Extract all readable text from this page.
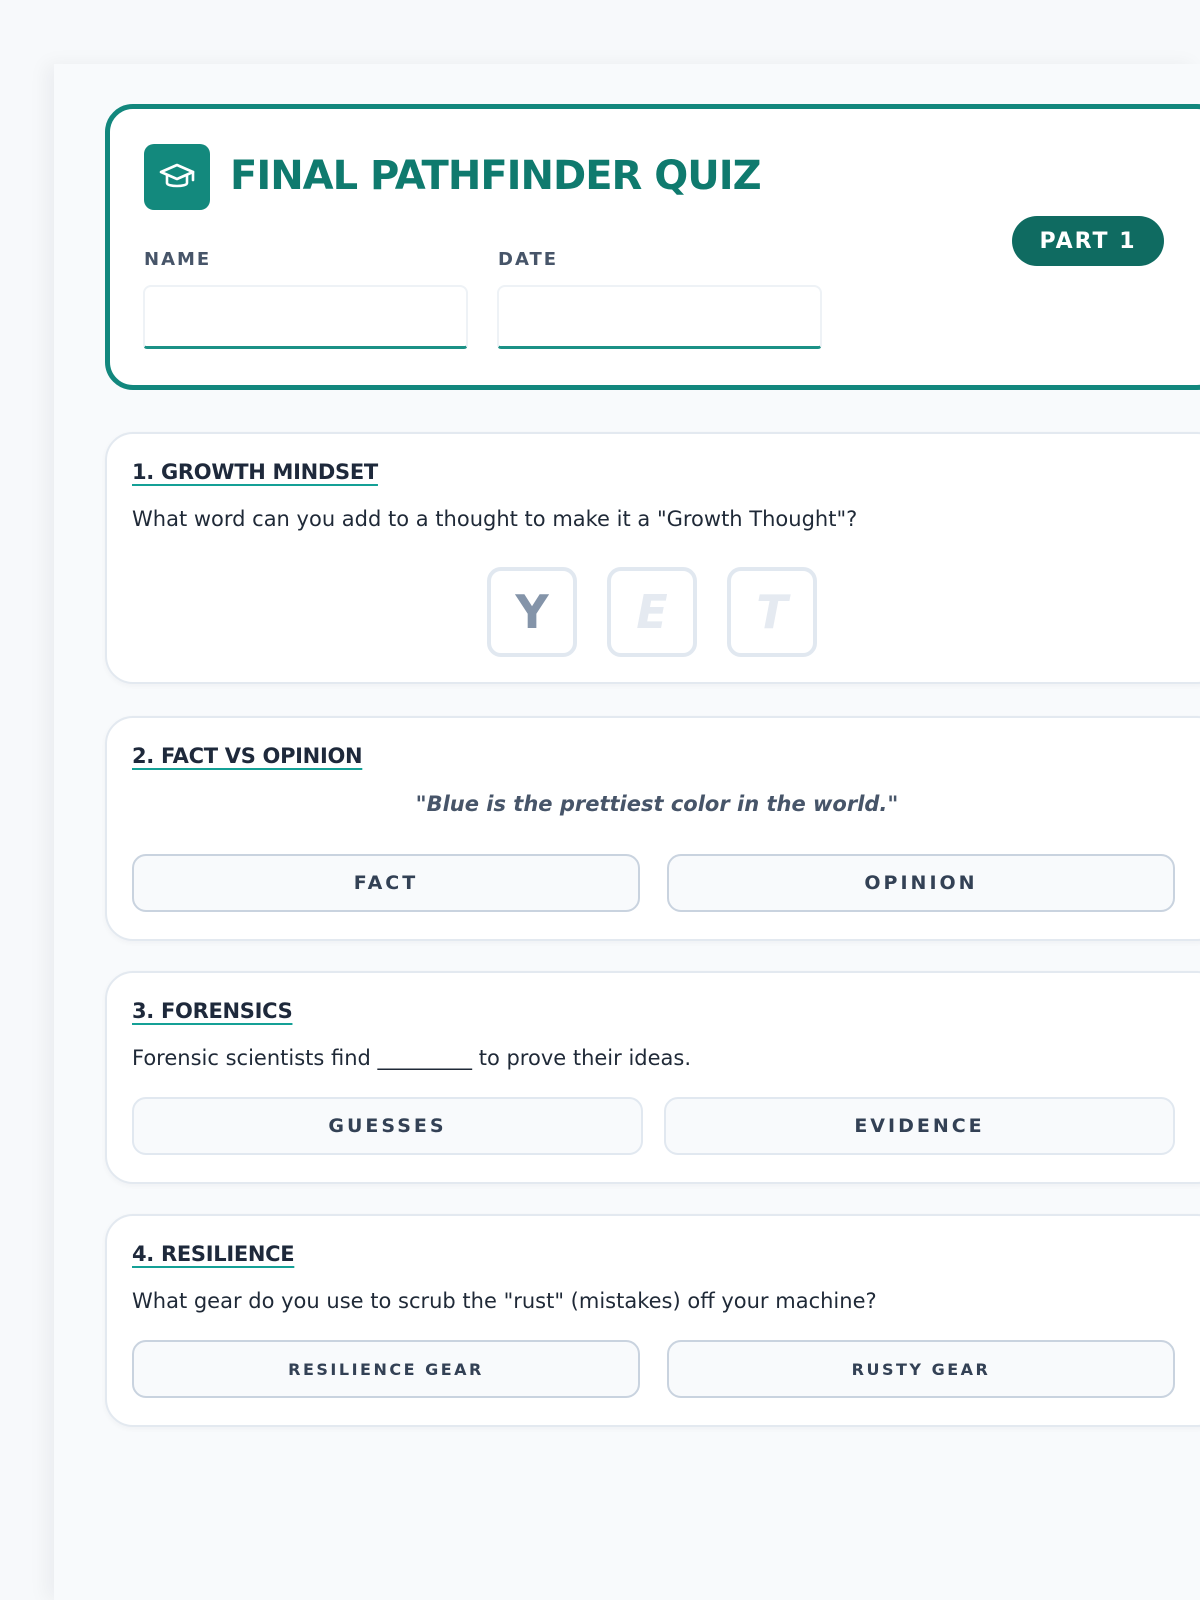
FINAL PATHFINDER QUIZ
PART 1
NAME	DATE
1. GROWTH MINDSET
What word can you add to a thought to make it a "Growth Thought"?
Y	E	T
2. FACT VS OPINION
"Blue is the prettiest color in the world."
FACT	OPINION
3. FORENSICS
Forensic scientists find _________ to prove their ideas.
GUESSES	EVIDENCE
4. RESILIENCE
What gear do you use to scrub the "rust" (mistakes) off your machine?
RESILIENCE GEAR	RUSTY GEAR
